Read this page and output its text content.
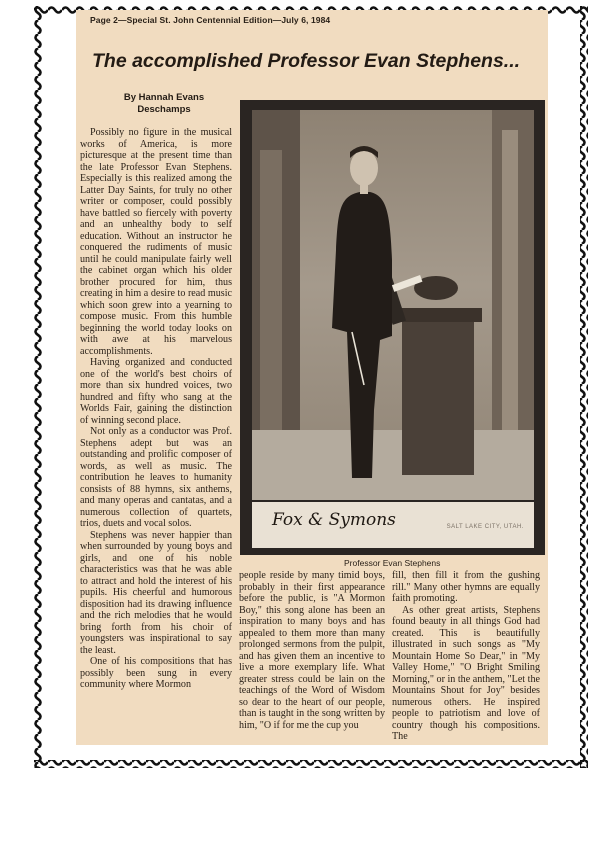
Page 2—Special St. John Centennial Edition—July 6, 1984
The accomplished Professor Evan Stephens...
By Hannah Evans
Deschamps

Possibly no figure in the musical works of America, is more picturesque at the present time than the late Professor Evan Stephens. Especially is this realized among the Latter Day Saints, for truly no other writer or composer, could possibly have battled so fiercely with poverty and an unhealthy body to self education. Without an instructor he conquered the rudiments of music until he could manipulate fairly well the cabinet organ which his older brother procured for him, thus creating in him a desire to read music which soon grew into a yearning to compose music. From this humble beginning the world today looks on with awe at his marvelous accomplishments.

Having organized and conducted one of the world's best choirs of more than six hundred voices, two hundred and fifty who sang at the Worlds Fair, gaining the distinction of winning second place.

Not only as a conductor was Prof. Stephens adept but was an outstanding and prolific composer of words, as well as music. The contribution he leaves to humanity consists of 88 hymns, six anthems, and many operas and cantatas, and a numerous collection of quartets, trios, duets and vocal solos.

Stephens was never happier than when surrounded by young boys and girls, and one of his noble characteristics was that he was able to attract and hold the interest of his pupils. His cheerful and humorous disposition had its drawing influence and the rich melodies that he would bring forth from his choir of youngsters was inspirational to say the least.

One of his compositions that has possibly been sung in every community where Mormon

Fox & Symons	SALT LAKE CITY, UTAH.
Professor Evan Stephens

people reside by many timid boys, probably in their first appearance before the public, is "A Mormon Boy," this song alone has been an inspiration to many boys and has appealed to them more than many prolonged sermons from the pulpit, and has given them an incentive to live a more exemplary life. What greater stress could be lain on the teachings of the Word of Wisdom so dear to the heart of our people, than is taught in the song written by him, "O if for me the cup you

fill, then fill it from the gushing rill." Many other hymns are equally faith promoting.

As other great artists, Stephens found beauty in all things God had created. This is beautifully illustrated in such songs as "My Mountain Home So Dear," in "My Valley Home," "O Bright Smiling Morning," or in the anthem, "Let the Mountains Shout for Joy" besides numerous others. He inspired people to patriotism and love of country though his compositions. The
